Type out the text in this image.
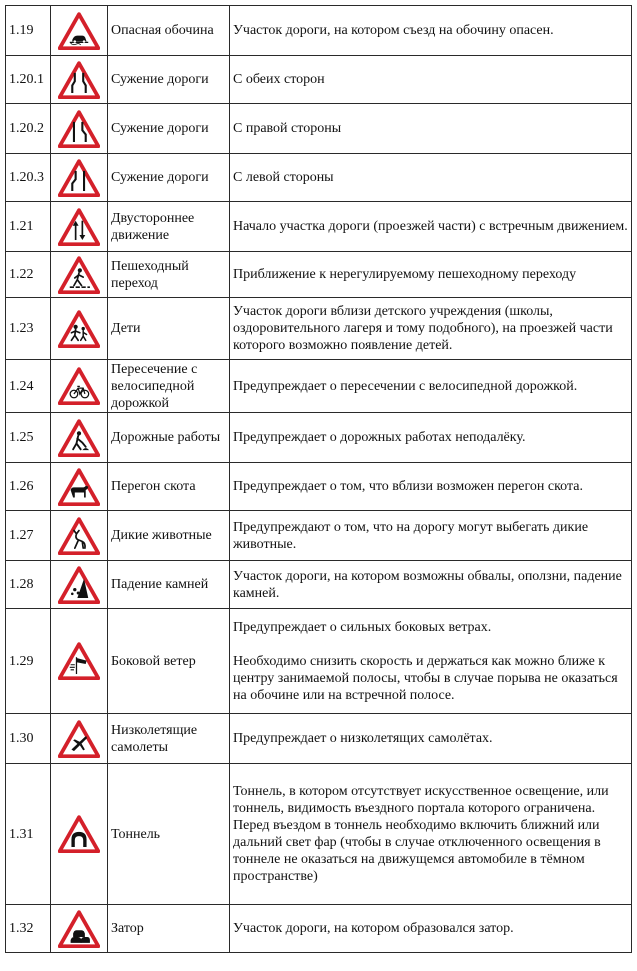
1.19		Опасная обочина	Участок дороги, на котором съезд на обочину опасен.

1.20.1		Сужение дороги	С обеих сторон

1.20.2		Сужение дороги	С правой стороны

1.20.3		Сужение дороги	С левой стороны

1.21		Двустороннее движение	Начало участка дороги (проезжей части) с встречным движением.

1.22		Пешеходный переход	Приближение к нерегулируемому пешеходному переходу

1.23		Дети	Участок дороги вблизи детского учреждения (школы, оздоровительного лагеря и тому подобного), на проезжей части которого возможно появление детей.

1.24		Пересечение с велосипедной дорожкой	Предупреждает о пересечении с велосипедной дорожкой.

1.25		Дорожные работы	Предупреждает о дорожных работах неподалёку.

1.26		Перегон скота	Предупреждает о том, что вблизи возможен перегон скота.

1.27		Дикие животные	Предупреждают о том, что на дорогу могут выбегать дикие животные.

1.28		Падение камней	Участок дороги, на котором возможны обвалы, оползни, падение камней.

1.29		Боковой ветер	Предупреждает о сильных боковых ветрах.
Необходимо снизить скорость и держаться как можно ближе к центру занимаемой полосы, чтобы в случае порыва не оказаться на обочине или на встречной полосе.

1.30		Низколетящие самолеты	Предупреждает о низколетящих самолётах.

1.31		Тоннель	Тоннель, в котором отсутствует искусственное освещение, или тоннель, видимость въездного портала которого ограничена. Перед въездом в тоннель необходимо включить ближний или дальний свет фар (чтобы в случае отключенного освещения в тоннеле не оказаться на движущемся автомобиле в тёмном пространстве)

1.32		Затор	Участок дороги, на котором образовался затор.
